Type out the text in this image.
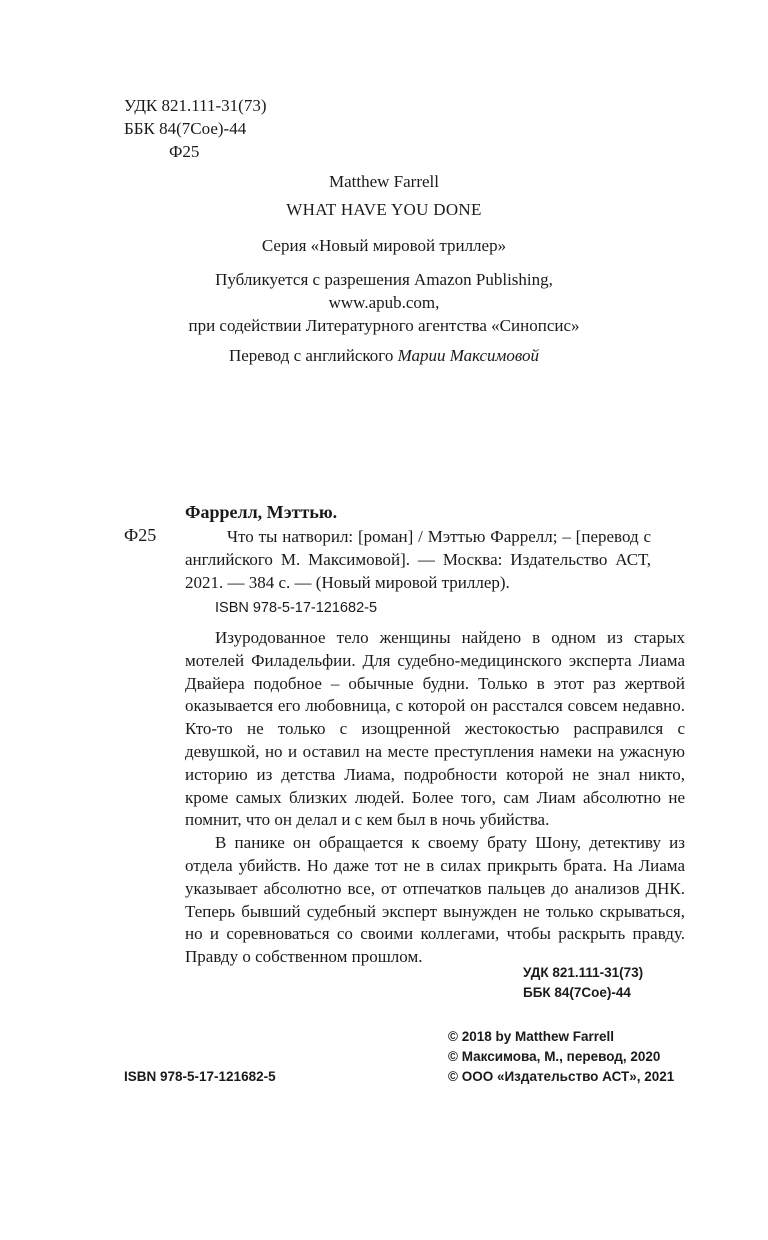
УДК 821.111-31(73)
ББК 84(7Сое)-44
Ф25
Matthew Farrell
WHAT HAVE YOU DONE
Серия «Новый мировой триллер»
Публикуется с разрешения Amazon Publishing,
www.apub.com,
при содействии Литературного агентства «Синопсис»
Перевод с английского Марии Максимовой
Фаррелл, Мэттью.
Ф25	Что ты натворил: [роман] / Мэттью Фаррелл; – [перевод с английского М. Максимовой]. — Москва: Издательство АСТ, 2021. — 384 с. — (Новый мировой триллер).
ISBN 978-5-17-121682-5

Изуродованное тело женщины найдено в одном из старых мотелей Филадельфии. Для судебно-медицинского эксперта Лиама Двайера подобное – обычные будни. Только в этот раз жертвой оказывается его любовница, с которой он расстался совсем недавно. Кто-то не только с изощренной жестокостью расправился с девушкой, но и оставил на месте преступления намеки на ужасную историю из детства Лиама, подробности которой не знал никто, кроме самых близких людей. Более того, сам Лиам абсолютно не помнит, что он делал и с кем был в ночь убийства.

В панике он обращается к своему брату Шону, детективу из отдела убийств. Но даже тот не в силах прикрыть брата. На Лиама указывает абсолютно все, от отпечатков пальцев до анализов ДНК. Теперь бывший судебный эксперт вынужден не только скрываться, но и соревноваться со своими коллегами, чтобы раскрыть правду. Правду о собственном прошлом.

УДК 821.111-31(73)
ББК 84(7Сое)-44
© 2018 by Matthew Farrell
© Максимова, М., перевод, 2020
© ООО «Издательство АСТ», 2021
ISBN 978-5-17-121682-5
